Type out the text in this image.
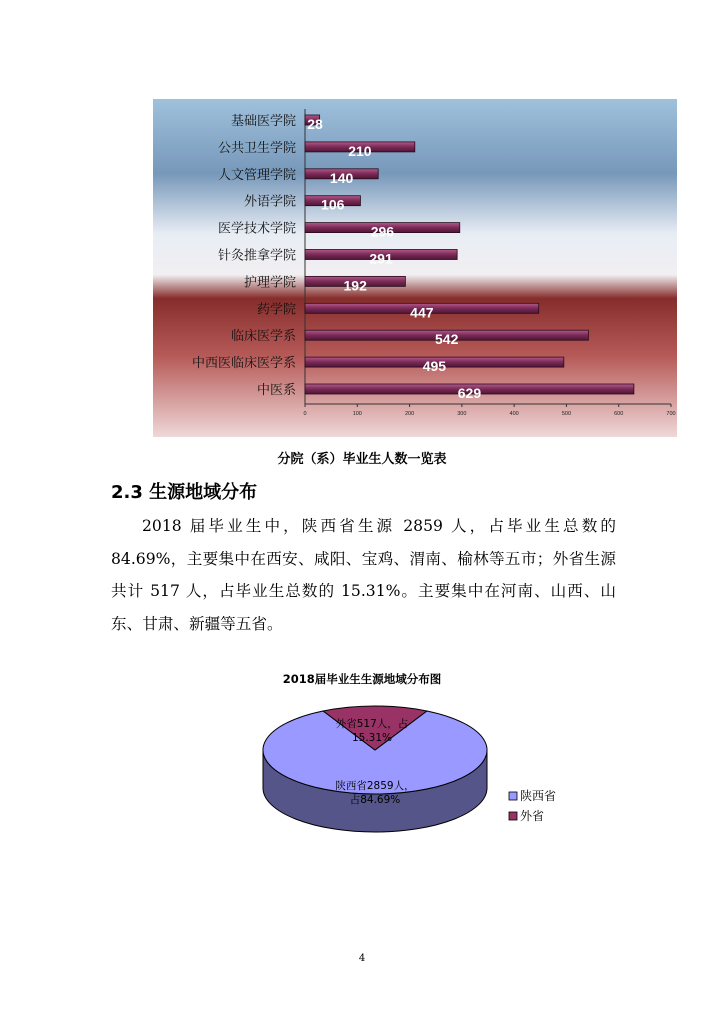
基础医学院 28
公共卫生学院	210
人文管理学院 140
外语学院 106
医学技术学院	296
针灸推拿学院	291
护理学院	192
药学院	447
临床医学系	542
中西医临床医学系	495
中医系	629
0	100	200	300	400	500	600	700
分院（系）毕业生人数一览表
2.3 生源地域分布
2018 届毕业生中，陕西省生源 2859 人，占毕业生总数的 84.69%，主要集中在西安、咸阳、宝鸡、渭南、榆林等五市；外省生源共计 517 人，占毕业生总数的 15.31%。主要集中在河南、山西、山东、甘肃、新疆等五省。
2018届毕业生生源地域分布图
陕西省2859人，占84.69%
外省517人，占 15.31%
陕西省
外省
4
